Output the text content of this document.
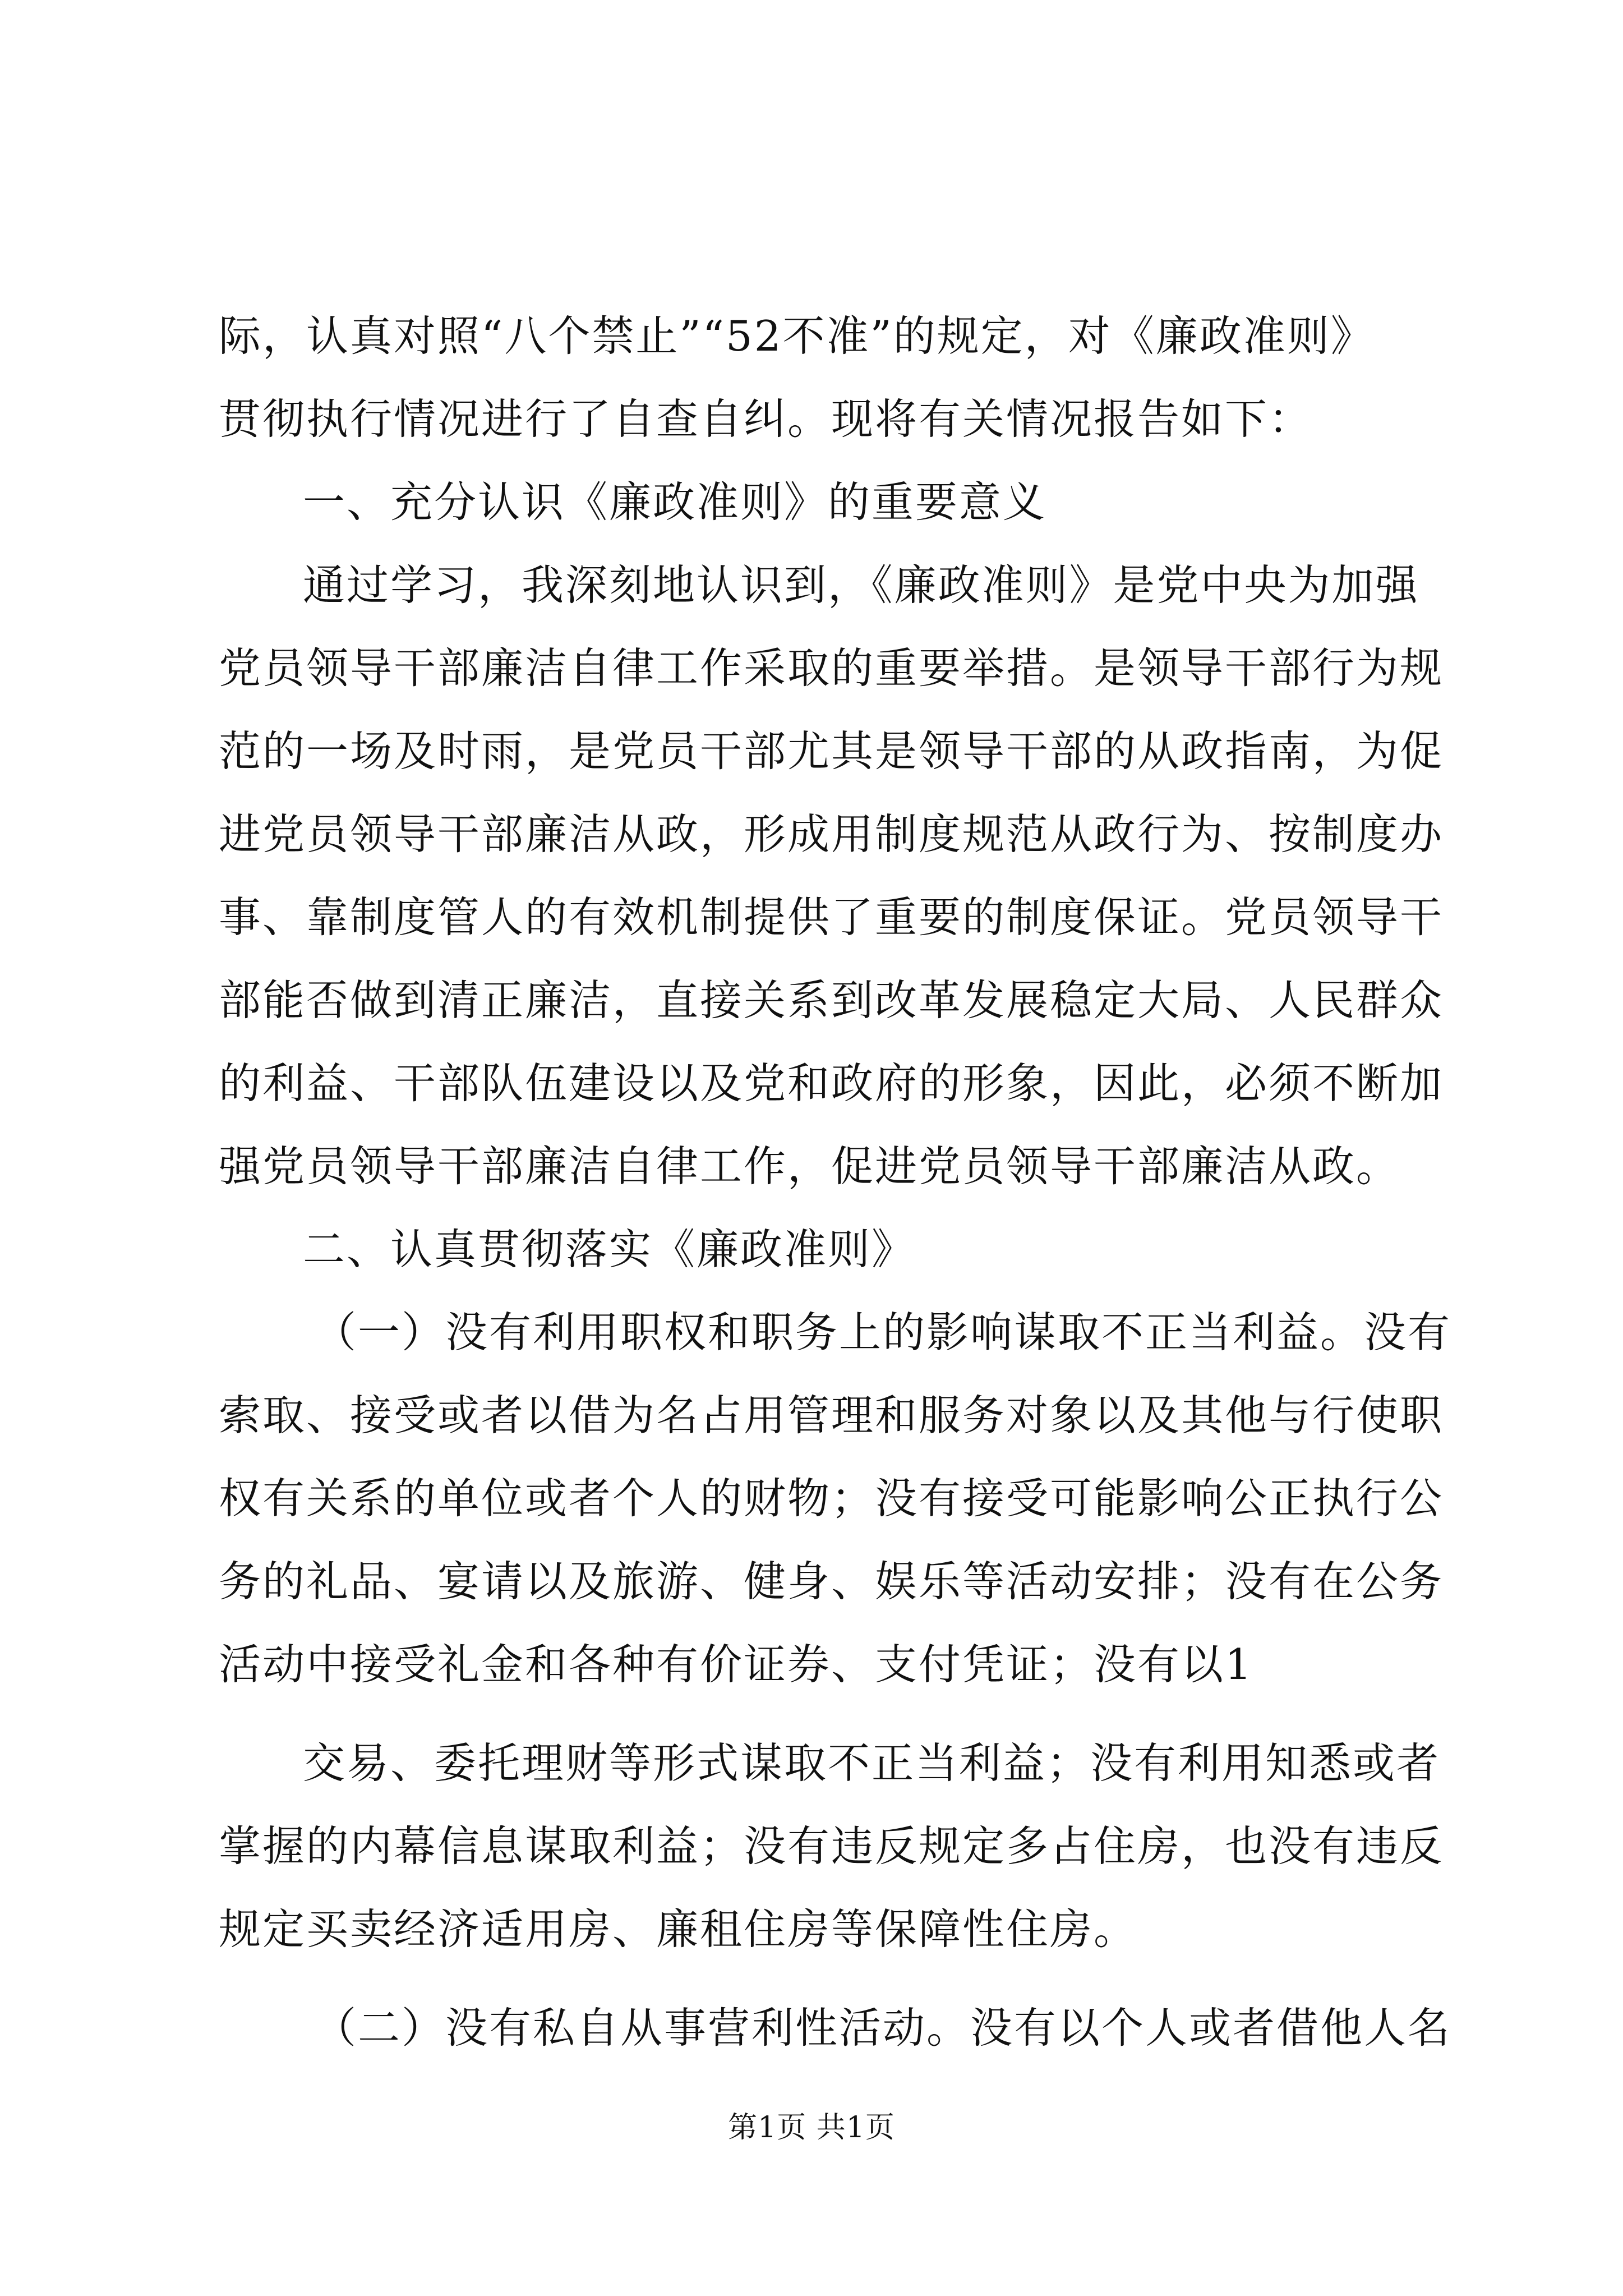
际，认真对照“八个禁止”“52不准”的规定，对《廉政准则》
贯彻执行情况进行了自查自纠。现将有关情况报告如下：
一、充分认识《廉政准则》的重要意义
通过学习，我深刻地认识到，《廉政准则》是党中央为加强
党员领导干部廉洁自律工作采取的重要举措。是领导干部行为规
范的一场及时雨，是党员干部尤其是领导干部的从政指南，为促
进党员领导干部廉洁从政，形成用制度规范从政行为、按制度办
事、靠制度管人的有效机制提供了重要的制度保证。党员领导干
部能否做到清正廉洁，直接关系到改革发展稳定大局、人民群众
的利益、干部队伍建设以及党和政府的形象，因此，必须不断加
强党员领导干部廉洁自律工作，促进党员领导干部廉洁从政。
二、认真贯彻落实《廉政准则》
（一）没有利用职权和职务上的影响谋取不正当利益。没有
索取、接受或者以借为名占用管理和服务对象以及其他与行使职
权有关系的单位或者个人的财物；没有接受可能影响公正执行公
务的礼品、宴请以及旅游、健身、娱乐等活动安排；没有在公务
活动中接受礼金和各种有价证券、支付凭证；没有以1
交易、委托理财等形式谋取不正当利益；没有利用知悉或者
掌握的内幕信息谋取利益；没有违反规定多占住房，也没有违反
规定买卖经济适用房、廉租住房等保障性住房。
（二）没有私自从事营利性活动。没有以个人或者借他人名
第1页 共1页
